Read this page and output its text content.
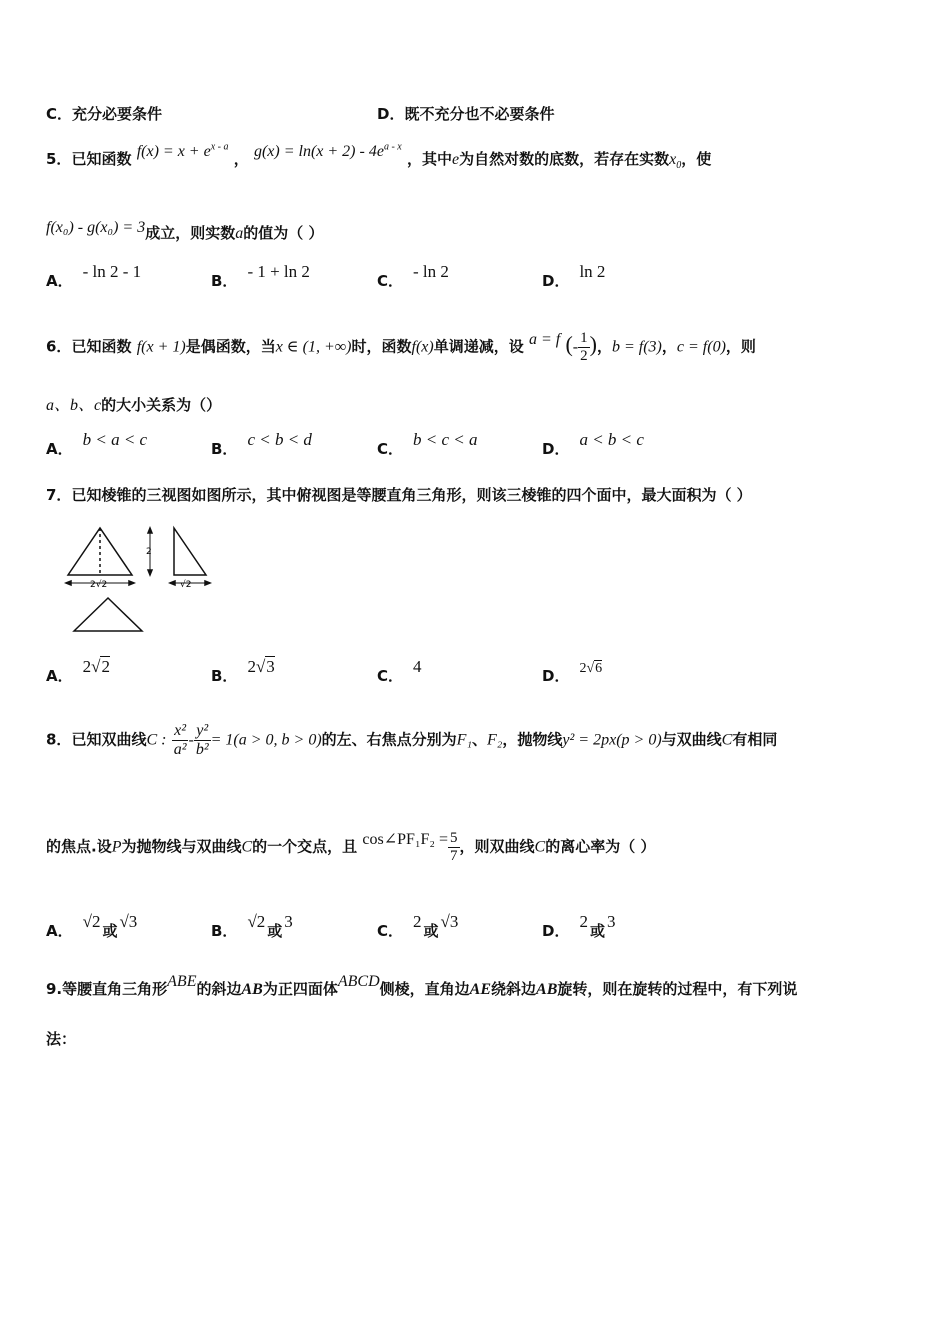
C．充分必要条件	D．既不充分也不必要条件
5．已知函数 $f(x) = x + e^{x - a}$ ， $g(x) = \ln(x + 2) - 4e^{a - x}$ ，其中e为自然对数的底数，若存在实数$x_0$，使
f(x₀) - g(x₀) = 3成立，则实数a的值为（ ）
A． - ln 2 - 1	B． - 1 + ln 2	C． - ln 2	D． ln 2
6．已知函数 f(x + 1)是偶函数，当x ∈ (1, +∞)时，函数f(x)单调递减，设 a = f (- $\frac{1}{2}$ )，b = f(3)，c = f(0)，则
a、b、c的大小关系为（）
A． b < a < c	B． c < b < d	C． b < c < a	D． a < b < c
7．已知棱锥的三视图如图所示，其中俯视图是等腰直角三角形，则该三棱锥的四个面中，最大面积为（ ）
2√2
2
√2
A． 2√2	B． 2√3	C． 4	D． 2√6
8．已知双曲线C : $\frac{\text{x²}}{\text{a²}} - \frac{\text{y²}}{\text{b²}} = 1(a > 0$, b > 0)的左、右焦点分别为F₁、F₂，抛物线y² = 2px(p > 0)与双曲线C有相同
的焦点.设P为抛物线与双曲线C的一个交点，且 cos∠PF₁F₂ = $\frac{5}{7}$ ，则双曲线C的离心率为（ ）
A． √2 或 √3	B． √2 或 3	C． 2 或 √3	D． 2 或 3
9.等腰直角三角形ABE的斜边AB为正四面体ABCD侧棱，直角边AE绕斜边AB旋转，则在旋转的过程中，有下列说
法：
